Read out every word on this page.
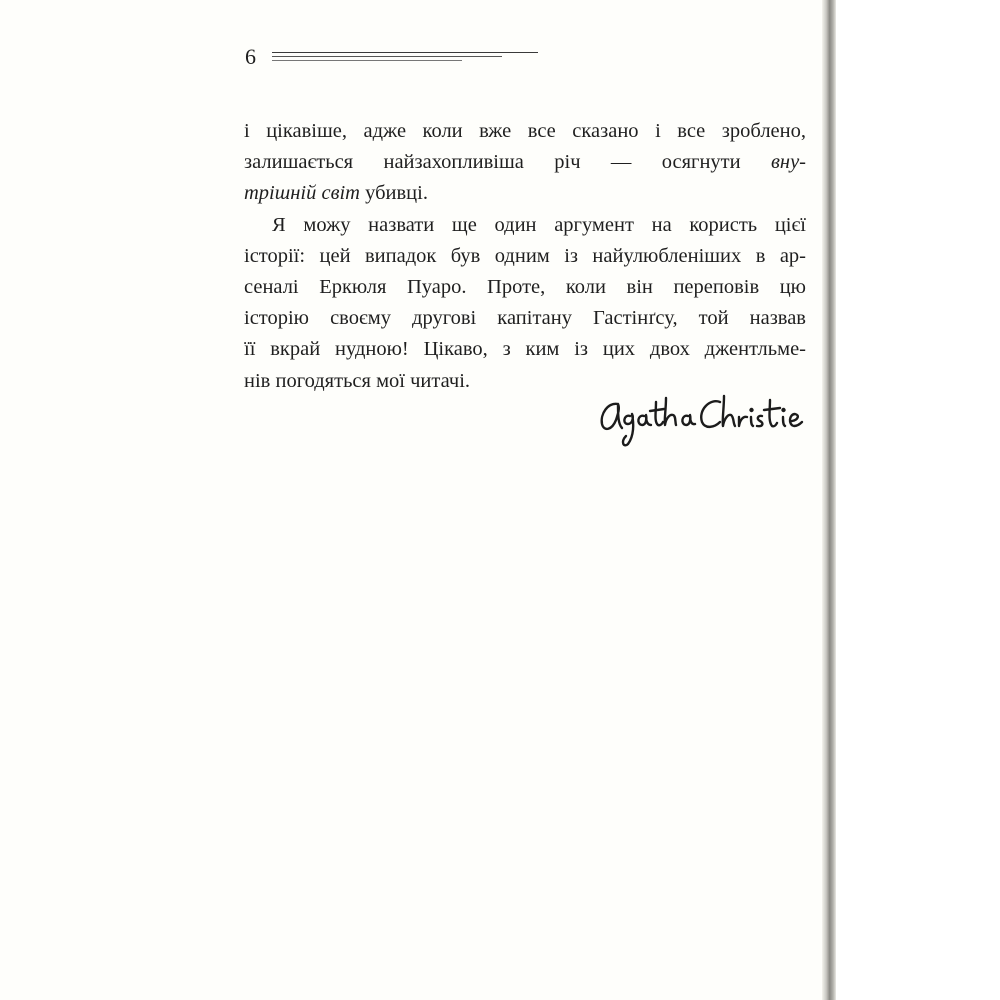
6
і цікавіше, адже коли вже все сказано і все зроблено,
залишається найзахопливіша річ — осягнути вну-
трішній світ
убивці.
Я можу назвати ще один аргумент на користь цієї
історії: цей випадок був одним із найулюбленіших в ар-
сеналі Еркюля Пуаро. Проте, коли він переповів цю
історію своєму другові капітану Гастінґсу, той назвав
її вкрай нудною! Цікаво, з ким із цих двох джентльме-
нів погодяться мої читачі.
